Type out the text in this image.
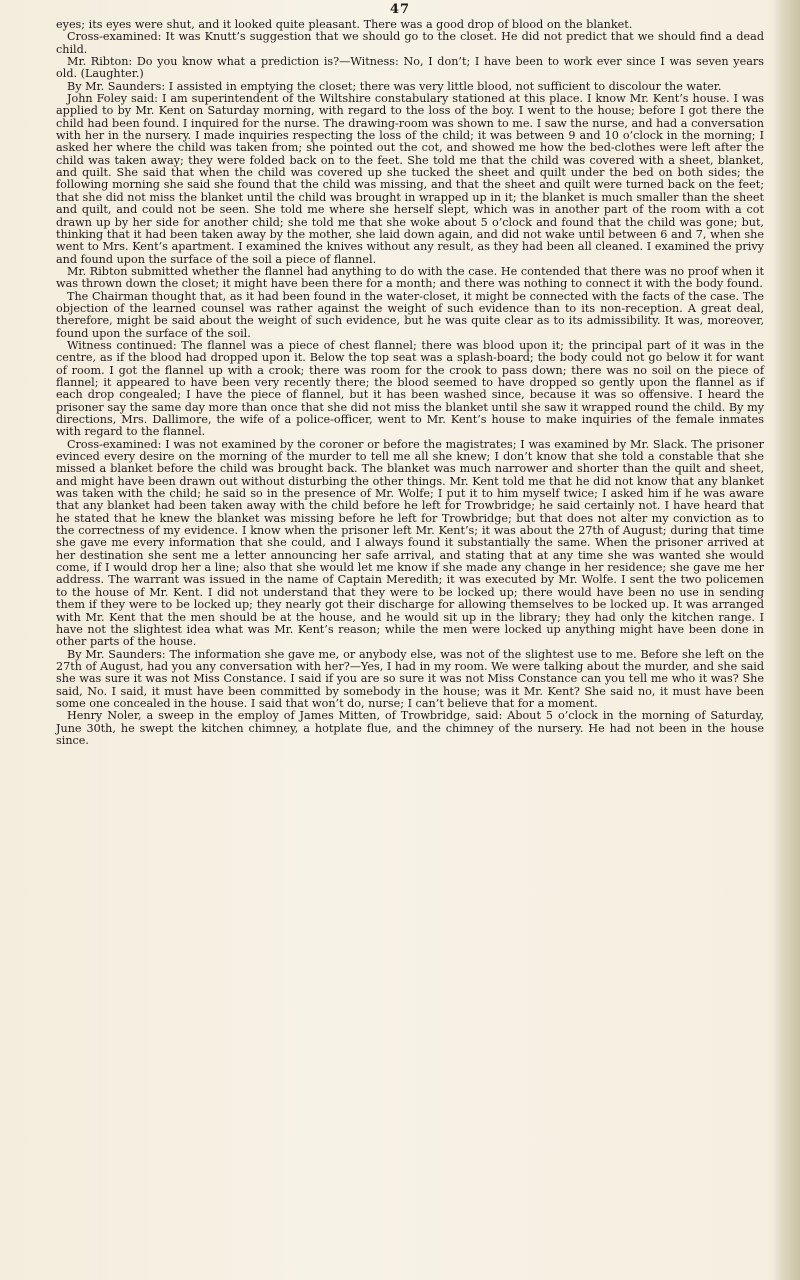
47

eyes; its eyes were shut, and it looked quite pleasant. There was a good drop of blood on the blanket.

Cross-examined: It was Knutt’s suggestion that we should go to the closet. He did not predict that we should find a dead child.

Mr. Ribton: Do you know what a prediction is?—Witness: No, I don’t; I have been to work ever since I was seven years old. (Laughter.)

By Mr. Saunders: I assisted in emptying the closet; there was very little blood, not sufficient to discolour the water.

John Foley said: I am superintendent of the Wiltshire constabulary stationed at this place. I know Mr. Kent’s house. I was applied to by Mr. Kent on Saturday morning, with regard to the loss of the boy. I went to the house; before I got there the child had been found. I inquired for the nurse. The drawing-room was shown to me. I saw the nurse, and had a conversation with her in the nursery. I made inquiries respecting the loss of the child; it was between 9 and 10 o’clock in the morning; I asked her where the child was taken from; she pointed out the cot, and showed me how the bed-clothes were left after the child was taken away; they were folded back on to the feet. She told me that the child was covered with a sheet, blanket, and quilt. She said that when the child was covered up she tucked the sheet and quilt under the bed on both sides; the following morning she said she found that the child was missing, and that the sheet and quilt were turned back on the feet; that she did not miss the blanket until the child was brought in wrapped up in it; the blanket is much smaller than the sheet and quilt, and could not be seen. She told me where she herself slept, which was in another part of the room with a cot drawn up by her side for another child; she told me that she woke about 5 o’clock and found that the child was gone; but, thinking that it had been taken away by the mother, she laid down again, and did not wake until between 6 and 7, when she went to Mrs. Kent’s apartment. I examined the knives without any result, as they had been all cleaned. I examined the privy and found upon the surface of the soil a piece of flannel.

Mr. Ribton submitted whether the flannel had anything to do with the case. He contended that there was no proof when it was thrown down the closet; it might have been there for a month; and there was nothing to connect it with the body found.

The Chairman thought that, as it had been found in the water-closet, it might be connected with the facts of the case. The objection of the learned counsel was rather against the weight of such evidence than to its non-reception. A great deal, therefore, might be said about the weight of such evidence, but he was quite clear as to its admissibility. It was, moreover, found upon the surface of the soil.

Witness continued: The flannel was a piece of chest flannel; there was blood upon it; the principal part of it was in the centre, as if the blood had dropped upon it. Below the top seat was a splash-board; the body could not go below it for want of room. I got the flannel up with a crook; there was room for the crook to pass down; there was no soil on the piece of flannel; it appeared to have been very recently there; the blood seemed to have dropped so gently upon the flannel as if each drop congealed; I have the piece of flannel, but it has been washed since, because it was so offensive. I heard the prisoner say the same day more than once that she did not miss the blanket until she saw it wrapped round the child. By my directions, Mrs. Dallimore, the wife of a police-officer, went to Mr. Kent’s house to make inquiries of the female inmates with regard to the flannel.

Cross-examined: I was not examined by the coroner or before the magistrates; I was examined by Mr. Slack. The prisoner evinced every desire on the morning of the murder to tell me all she knew; I don’t know that she told a constable that she missed a blanket before the child was brought back. The blanket was much narrower and shorter than the quilt and sheet, and might have been drawn out without disturbing the other things. Mr. Kent told me that he did not know that any blanket was taken with the child; he said so in the presence of Mr. Wolfe; I put it to him myself twice; I asked him if he was aware that any blanket had been taken away with the child before he left for Trowbridge; he said certainly not. I have heard that he stated that he knew the blanket was missing before he left for Trowbridge; but that does not alter my conviction as to the correctness of my evidence. I know when the prisoner left Mr. Kent’s; it was about the 27th of August; during that time she gave me every information that she could, and I always found it substantially the same. When the prisoner arrived at her destination she sent me a letter announcing her safe arrival, and stating that at any time she was wanted she would come, if I would drop her a line; also that she would let me know if she made any change in her residence; she gave me her address. The warrant was issued in the name of Captain Meredith; it was executed by Mr. Wolfe. I sent the two policemen to the house of Mr. Kent. I did not understand that they were to be locked up; there would have been no use in sending them if they were to be locked up; they nearly got their discharge for allowing themselves to be locked up. It was arranged with Mr. Kent that the men should be at the house, and he would sit up in the library; they had only the kitchen range. I have not the slightest idea what was Mr. Kent’s reason; while the men were locked up anything might have been done in other parts of the house.

By Mr. Saunders: The information she gave me, or anybody else, was not of the slightest use to me. Before she left on the 27th of August, had you any conversation with her?—Yes, I had in my room. We were talking about the murder, and she said she was sure it was not Miss Constance. I said if you are so sure it was not Miss Constance can you tell me who it was? She said, No. I said, it must have been committed by somebody in the house; was it Mr. Kent? She said no, it must have been some one concealed in the house. I said that won’t do, nurse; I can’t believe that for a moment.

Henry Noler, a sweep in the employ of James Mitten, of Trowbridge, said: About 5 o’clock in the morning of Saturday, June 30th, he swept the kitchen chimney, a hotplate flue, and the chimney of the nursery. He had not been in the house since.
